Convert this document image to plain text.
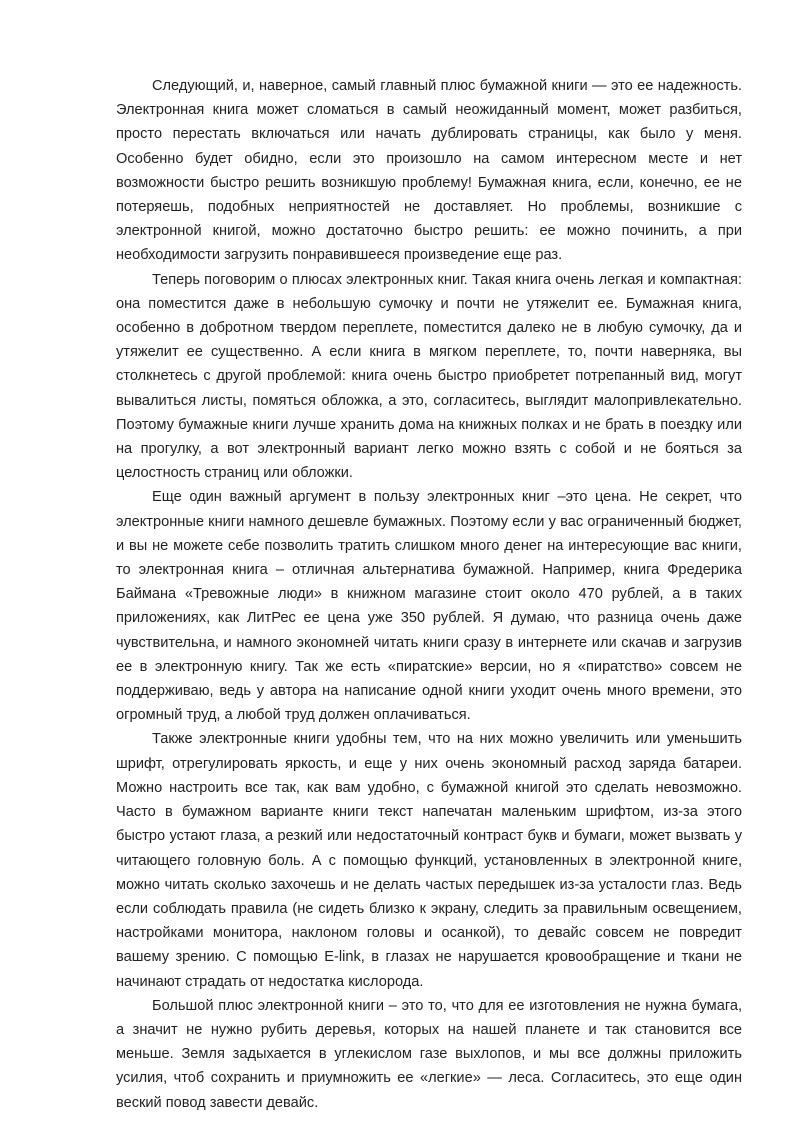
Следующий, и, наверное, самый главный плюс бумажной книги — это ее надежность. Электронная книга может сломаться в самый неожиданный момент, может разбиться, просто перестать включаться или начать дублировать страницы, как было у меня. Особенно будет обидно, если это произошло на самом интересном месте и нет возможности быстро решить возникшую проблему! Бумажная книга, если, конечно, ее не потеряешь, подобных неприятностей не доставляет. Но проблемы, возникшие с электронной книгой, можно достаточно быстро решить: ее можно починить, а при необходимости загрузить понравившееся произведение еще раз.

Теперь поговорим о плюсах электронных книг. Такая книга очень легкая и компактная: она поместится даже в небольшую сумочку и почти не утяжелит ее. Бумажная книга, особенно в добротном твердом переплете, поместится далеко не в любую сумочку, да и утяжелит ее существенно. А если книга в мягком переплете, то, почти наверняка, вы столкнетесь с другой проблемой: книга очень быстро приобретет потрепанный вид, могут вывалиться листы, помяться обложка, а это, согласитесь, выглядит малопривлекательно. Поэтому бумажные книги лучше хранить дома на книжных полках и не брать в поездку или на прогулку, а вот электронный вариант легко можно взять с собой и не бояться за целостность страниц или обложки.

Еще один важный аргумент в пользу электронных книг –это цена. Не секрет, что электронные книги намного дешевле бумажных. Поэтому если у вас ограниченный бюджет, и вы не можете себе позволить тратить слишком много денег на интересующие вас книги, то электронная книга – отличная альтернатива бумажной. Например, книга Фредерика Баймана «Тревожные люди» в книжном магазине стоит около 470 рублей, а в таких приложениях, как ЛитРес ее цена уже 350 рублей. Я думаю, что разница очень даже чувствительна, и намного экономней читать книги сразу в интернете или скачав и загрузив ее в электронную книгу. Так же есть «пиратские» версии, но я «пиратство» совсем не поддерживаю, ведь у автора на написание одной книги уходит очень много времени, это огромный труд, а любой труд должен оплачиваться.

Также электронные книги удобны тем, что на них можно увеличить или уменьшить шрифт, отрегулировать яркость, и еще у них очень экономный расход заряда батареи. Можно настроить все так, как вам удобно, с бумажной книгой это сделать невозможно. Часто в бумажном варианте книги текст напечатан маленьким шрифтом, из-за этого быстро устают глаза, а резкий или недостаточный контраст букв и бумаги, может вызвать у читающего головную боль. А с помощью функций, установленных в электронной книге, можно читать сколько захочешь и не делать частых передышек из-за усталости глаз. Ведь если соблюдать правила (не сидеть близко к экрану, следить за правильным освещением, настройками монитора, наклоном головы и осанкой), то девайс совсем не повредит вашему зрению. С помощью E-link, в глазах не нарушается кровообращение и ткани не начинают страдать от недостатка кислорода.

Большой плюс электронной книги – это то, что для ее изготовления не нужна бумага, а значит не нужно рубить деревья, которых на нашей планете и так становится все меньше. Земля задыхается в углекислом газе выхлопов, и мы все должны приложить усилия, чтоб сохранить и приумножить ее «легкие» — леса. Согласитесь, это еще один веский повод завести девайс.
